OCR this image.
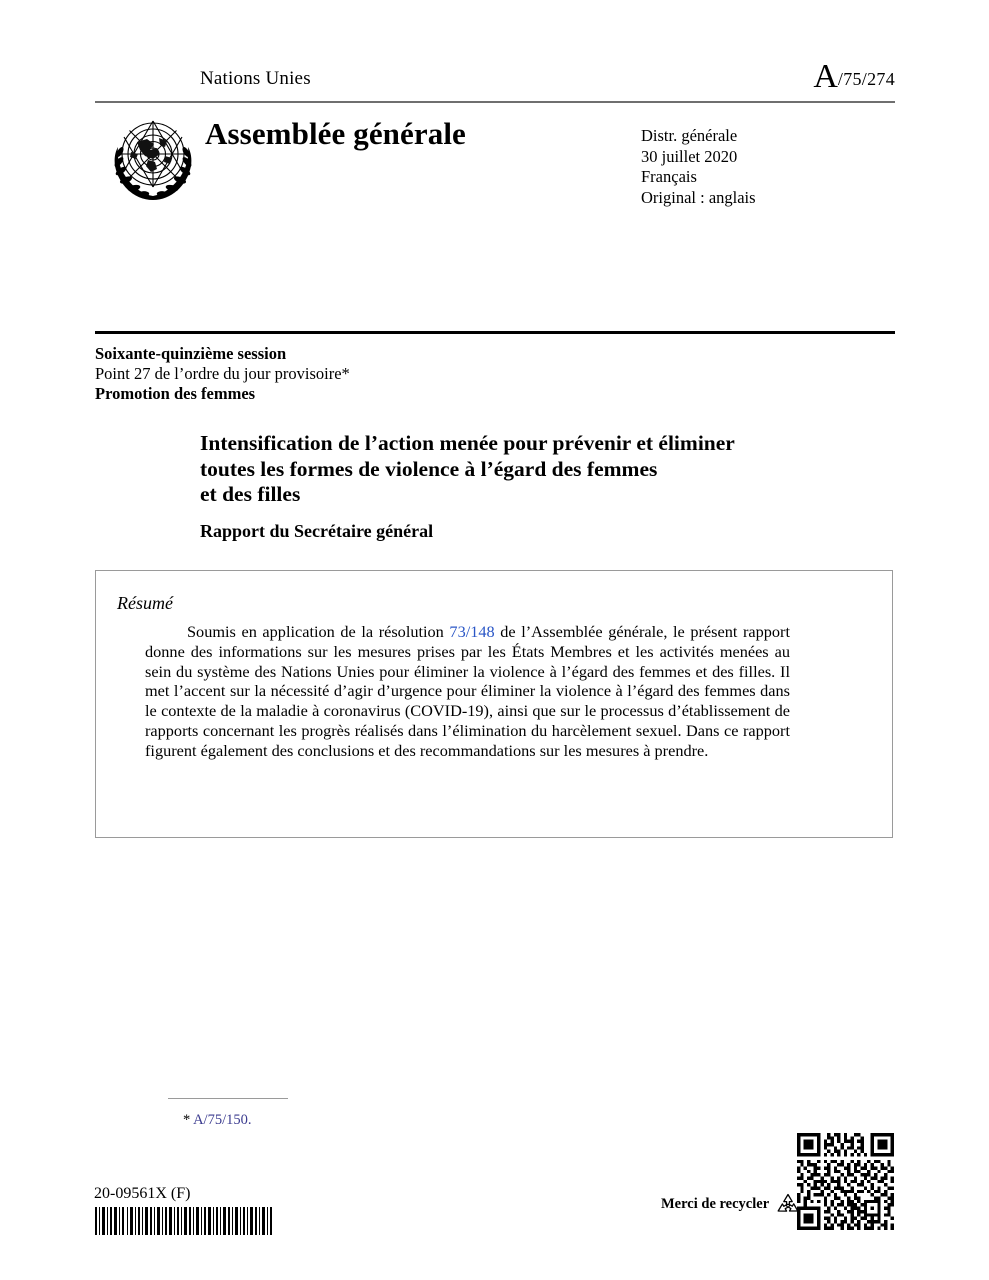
Nations Unies	A/75/274
Assemblée générale	Distr. générale
30 juillet 2020
Français
Original : anglais
Soixante-quinzième session
Point 27 de l’ordre du jour provisoire*
Promotion des femmes
Intensification de l’action menée pour prévenir et éliminer
toutes les formes de violence à l’égard des femmes
et des filles
Rapport du Secrétaire général
Résumé
Soumis en application de la résolution 73/148 de l’Assemblée générale, le présent rapport donne des informations sur les mesures prises par les États Membres et les activités menées au sein du système des Nations Unies pour éliminer la violence à l’égard des femmes et des filles. Il met l’accent sur la nécessité d’agir d’urgence pour éliminer la violence à l’égard des femmes dans le contexte de la maladie à coronavirus (COVID-19), ainsi que sur le processus d’établissement de rapports concernant les progrès réalisés dans l’élimination du harcèlement sexuel. Dans ce rapport figurent également des conclusions et des recommandations sur les mesures à prendre.
* A/75/150.
20-09561X (F)
Merci de recycler
